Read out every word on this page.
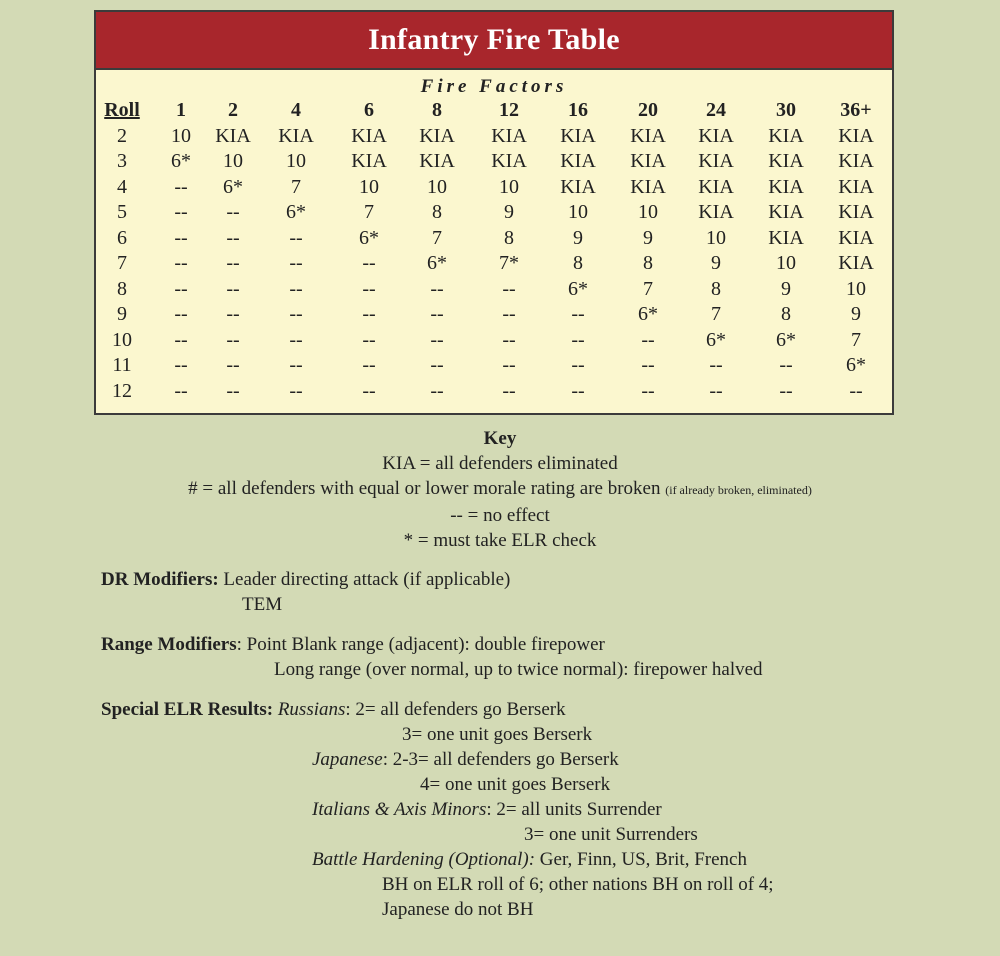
Infantry Fire Table
Fire Factors
Roll	1	2	4	6	8	12	16	20	24	30	36+
2	10	KIA	KIA	KIA	KIA	KIA	KIA	KIA	KIA	KIA	KIA
3	6*	10	10	KIA	KIA	KIA	KIA	KIA	KIA	KIA	KIA
4	--	6*	7	10	10	10	KIA	KIA	KIA	KIA	KIA
5	--	--	6*	7	8	9	10	10	KIA	KIA	KIA
6	--	--	--	6*	7	8	9	9	10	KIA	KIA
7	--	--	--	--	6*	7*	8	8	9	10	KIA
8	--	--	--	--	--	--	6*	7	8	9	10
9	--	--	--	--	--	--	--	6*	7	8	9
10	--	--	--	--	--	--	--	--	6*	6*	7
11	--	--	--	--	--	--	--	--	--	--	6*
12	--	--	--	--	--	--	--	--	--	--	--
Key
KIA = all defenders eliminated
# = all defenders with equal or lower morale rating are broken (if already broken, eliminated)
-- = no effect
* = must take ELR check
DR Modifiers: Leader directing attack (if applicable)
TEM
Range Modifiers: Point Blank range (adjacent): double firepower
Long range (over normal, up to twice normal): firepower halved
Special ELR Results: Russians: 2= all defenders go Berserk
3= one unit goes Berserk
Japanese: 2-3= all defenders go Berserk
4= one unit goes Berserk
Italians & Axis Minors: 2= all units Surrender
3= one unit Surrenders
Battle Hardening (Optional): Ger, Finn, US, Brit, French
BH on ELR roll of 6; other nations BH on roll of 4;
Japanese do not BH
